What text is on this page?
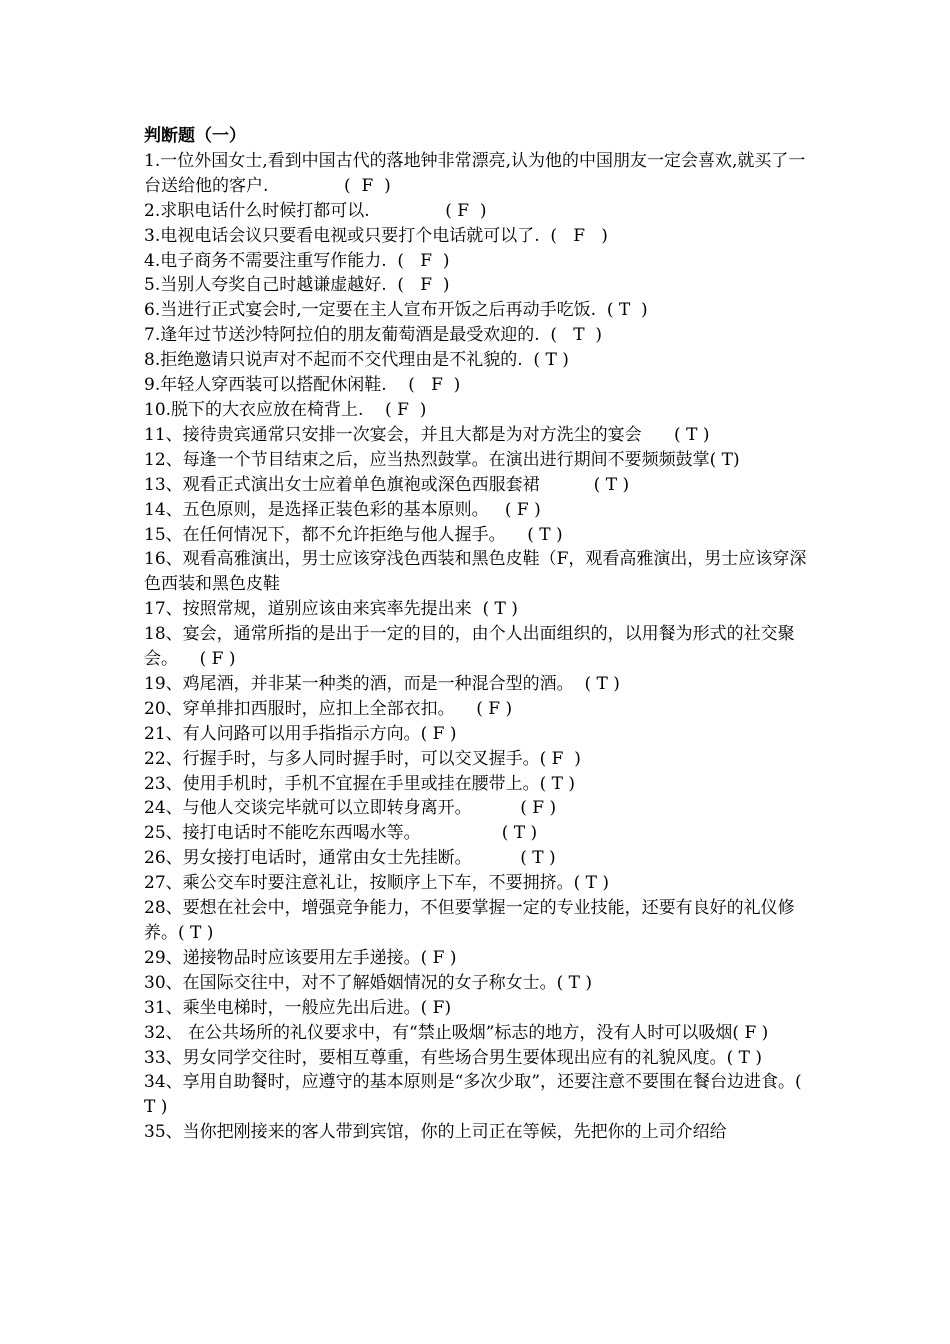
判断题（一）

1.一位外国女士,看到中国古代的落地钟非常漂亮,认为他的中国朋友一定会喜欢,就买了一台送给他的客户.              (  F  )

2.求职电话什么时候打都可以.              ( F  )

3.电视电话会议只要看电视或只要打个电话就可以了.  (   F   )

4.电子商务不需要注重写作能力.  (   F  )

5.当别人夸奖自己时越谦虚越好.  (   F  )

6.当进行正式宴会时,一定要在主人宣布开饭之后再动手吃饭.  ( T  )

7.逢年过节送沙特阿拉伯的朋友葡萄酒是最受欢迎的.  (   T  )

8.拒绝邀请只说声对不起而不交代理由是不礼貌的.  ( T )

9.年轻人穿西装可以搭配休闲鞋.    (   F  )

10.脱下的大衣应放在椅背上.    ( F  )

11、接待贵宾通常只安排一次宴会，并且大都是为对方洗尘的宴会      ( T )

12、每逢一个节目结束之后，应当热烈鼓掌。在演出进行期间不要频频鼓掌( T)

13、观看正式演出女士应着单色旗袍或深色西服套裙          ( T )

14、五色原则，是选择正装色彩的基本原则。   ( F )

15、在任何情况下，都不允许拒绝与他人握手。    ( T )

16、观看高雅演出，男士应该穿浅色西装和黑色皮鞋（F，观看高雅演出，男士应该穿深色西装和黑色皮鞋

17、按照常规，道别应该由来宾率先提出来  ( T )

18、宴会，通常所指的是出于一定的目的，由个人出面组织的，以用餐为形式的社交聚会。    ( F )

19、鸡尾酒，并非某一种类的酒，而是一种混合型的酒。  ( T )

20、穿单排扣西服时，应扣上全部衣扣。    ( F )

21、有人问路可以用手指指示方向。( F )

22、行握手时，与多人同时握手时，可以交叉握手。( F  )

23、使用手机时，手机不宜握在手里或挂在腰带上。( T )

24、与他人交谈完毕就可以立即转身离开。         ( F )

25、接打电话时不能吃东西喝水等。               ( T )

26、男女接打电话时，通常由女士先挂断。         ( T )

27、乘公交车时要注意礼让，按顺序上下车，不要拥挤。( T )

28、要想在社会中，增强竞争能力，不但要掌握一定的专业技能，还要有良好的礼仪修养。( T )

29、递接物品时应该要用左手递接。( F )

30、在国际交往中，对不了解婚姻情况的女子称女士。( T )

31、乘坐电梯时，一般应先出后进。( F)

32、 在公共场所的礼仪要求中，有“禁止吸烟”标志的地方，没有人时可以吸烟( F )

33、男女同学交往时，要相互尊重，有些场合男生要体现出应有的礼貌风度。( T )

34、享用自助餐时，应遵守的基本原则是“多次少取”，还要注意不要围在餐台边进食。( T )

35、当你把刚接来的客人带到宾馆，你的上司正在等候，先把你的上司介绍给
